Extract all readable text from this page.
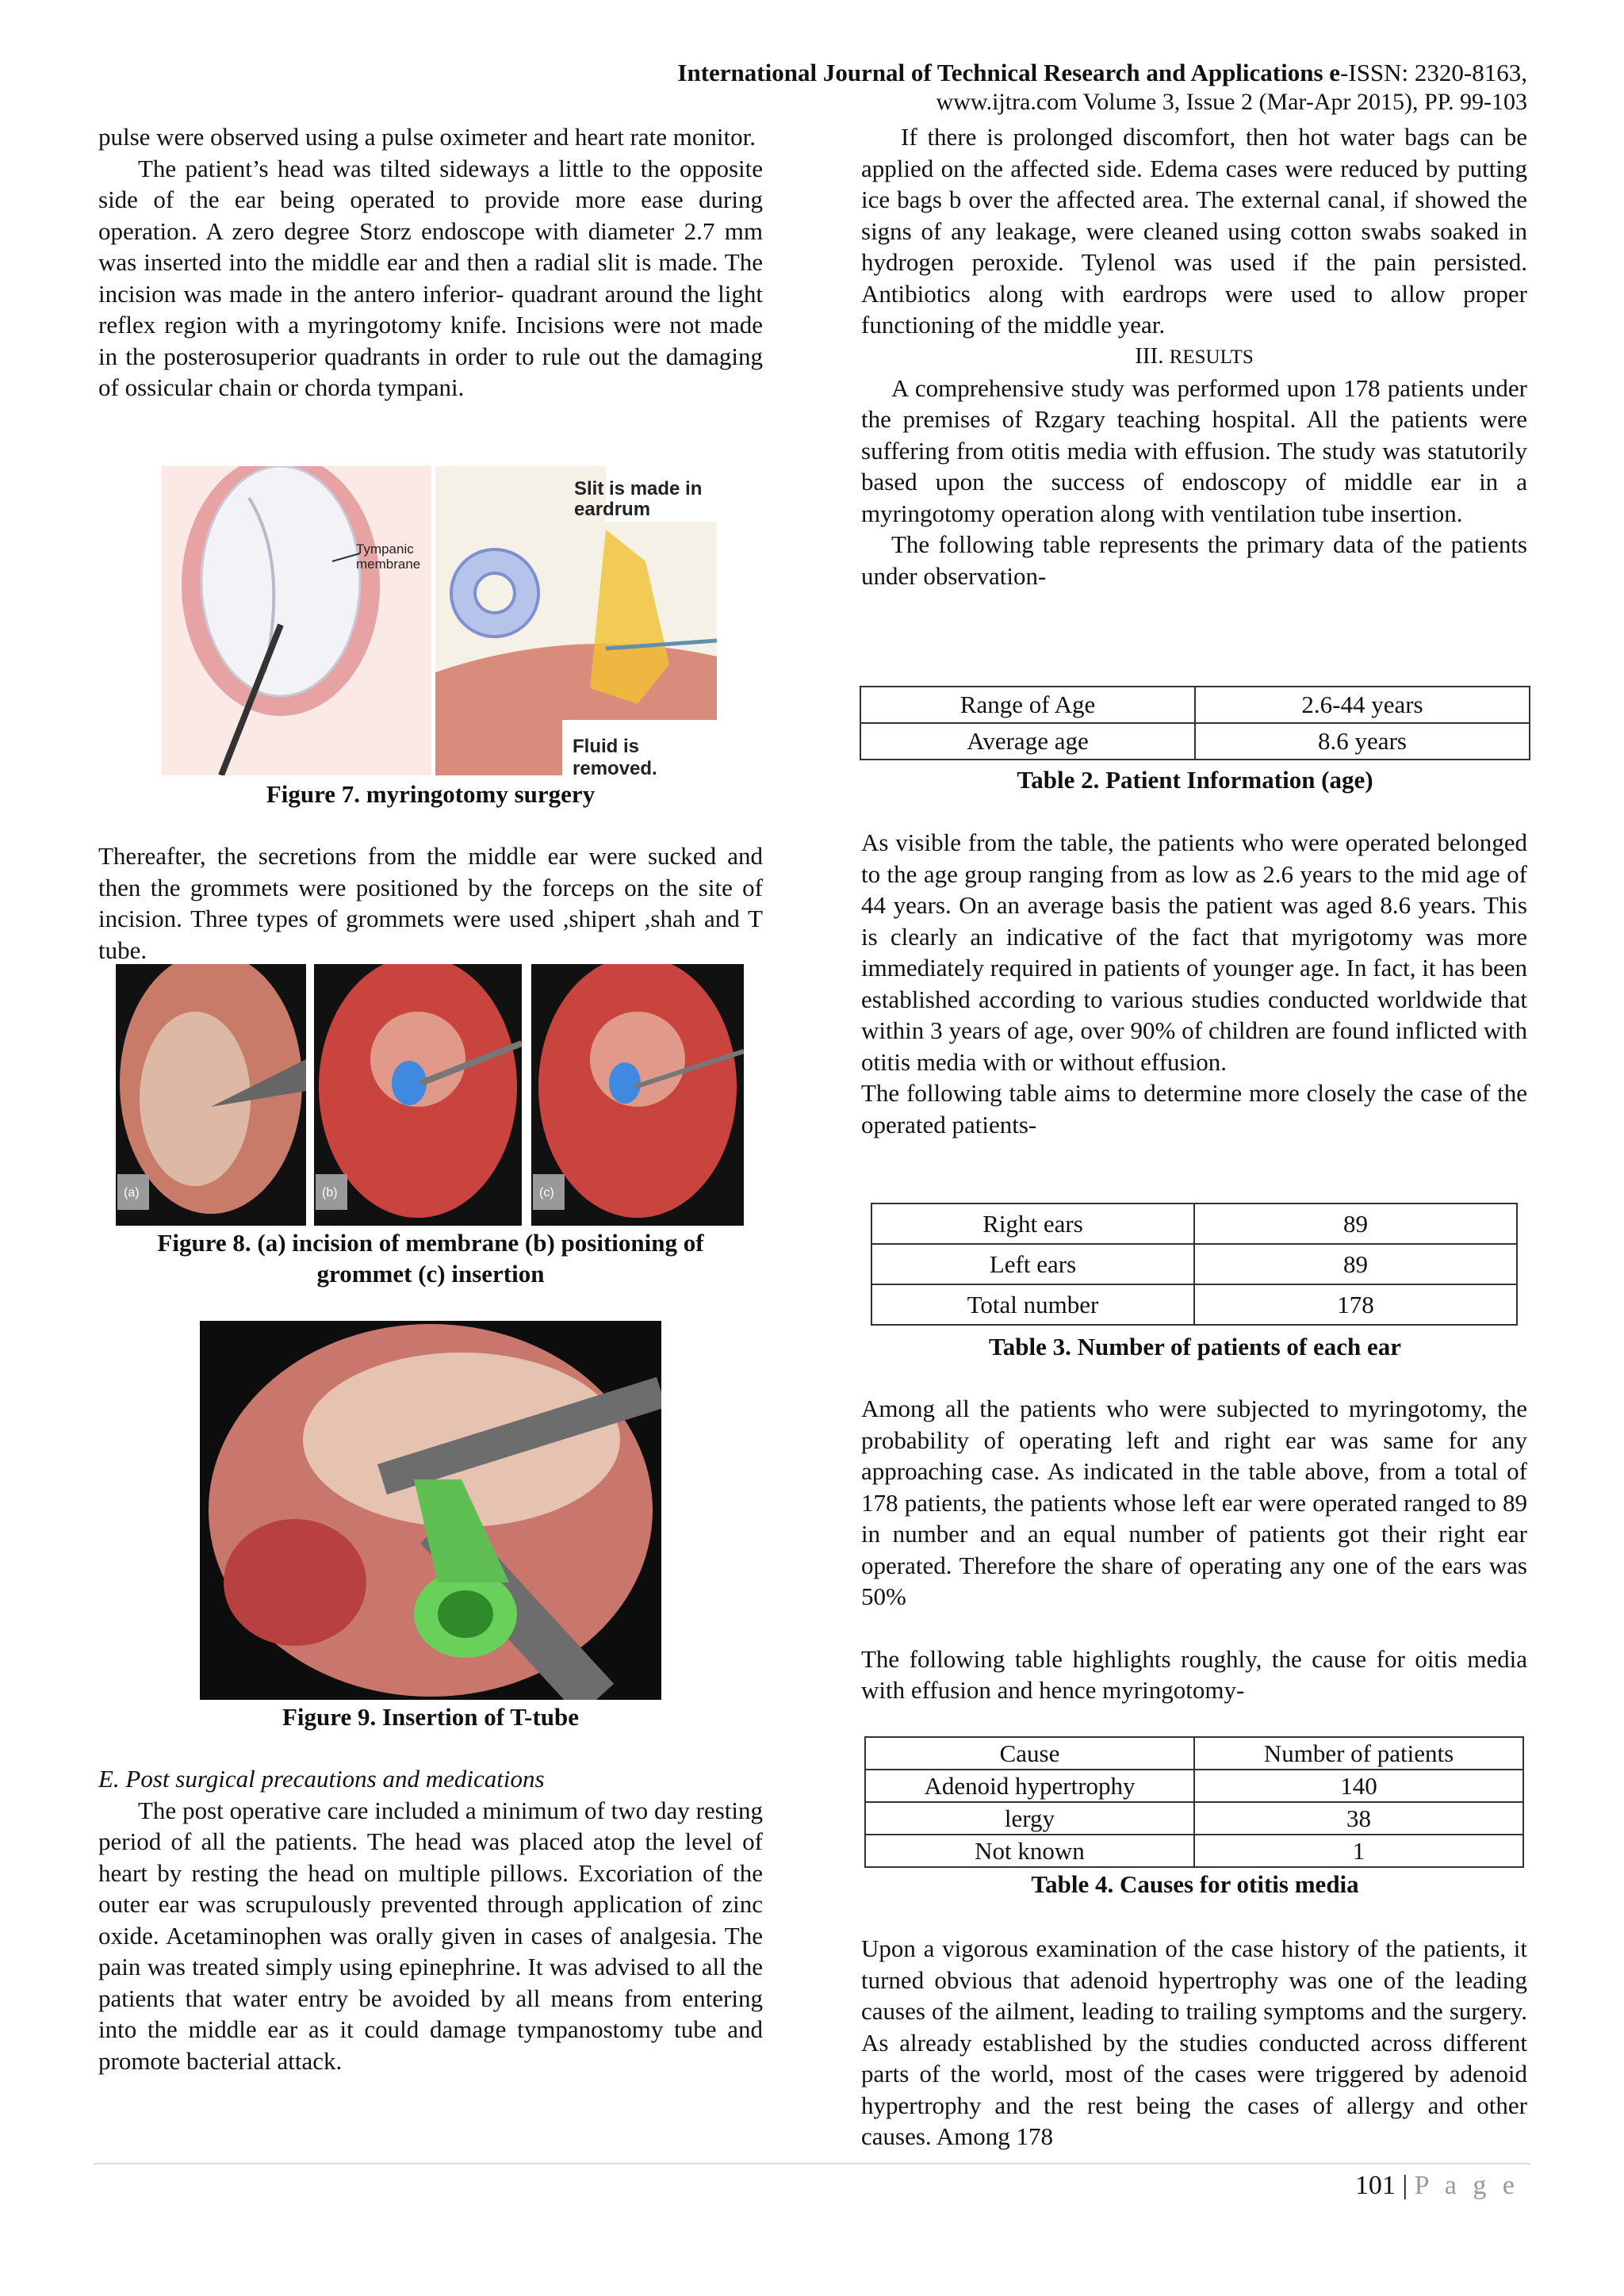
International Journal of Technical Research and Applications e-ISSN: 2320-8163,
www.ijtra.com Volume 3, Issue 2 (Mar-Apr 2015), PP. 99-103

pulse were observed using a pulse oximeter and heart rate monitor.

The patient’s head was tilted sideways a little to the opposite side of the ear being operated to provide more ease during operation. A zero degree Storz endoscope with diameter 2.7 mm was inserted into the middle ear and then a radial slit is made. The incision was made in the antero inferior- quadrant around the light reflex region with a myringotomy knife. Incisions were not made in the posterosuperior quadrants in order to rule out the damaging of ossicular chain or chorda tympani.

Tympanic membrane
Slit is made in eardrum
Fluid is removed.
Figure 7. myringotomy surgery

Thereafter, the secretions from the middle ear were sucked and then the grommets were positioned by the forceps on the site of incision. Three types of grommets were used ,shipert ,shah and T tube.

(a)	(b)	(c)
Figure 8. (a) incision of membrane (b) positioning of
grommet (c) insertion
Figure 9. Insertion of T-tube

E. Post surgical precautions and medications

The post operative care included a minimum of two day resting period of all the patients. The head was placed atop the level of heart by resting the head on multiple pillows. Excoriation of the outer ear was scrupulously prevented through application of zinc oxide. Acetaminophen was orally given in cases of analgesia. The pain was treated simply using epinephrine. It was advised to all the patients that water entry be avoided by all means from entering into the middle ear as it could damage tympanostomy tube and promote bacterial attack.

If there is prolonged discomfort, then hot water bags can be applied on the affected side. Edema cases were reduced by putting ice bags b over the affected area. The external canal, if showed the signs of any leakage, were cleaned using cotton swabs soaked in hydrogen peroxide. Tylenol was used if the pain persisted. Antibiotics along with eardrops were used to allow proper functioning of the middle year.

III. RESULTS

A comprehensive study was performed upon 178 patients under the premises of Rzgary teaching hospital. All the patients were suffering from otitis media with effusion. The study was statutorily based upon the success of endoscopy of middle ear in a myringotomy operation along with ventilation tube insertion.

The following table represents the primary data of the patients under observation-

Range of Age	2.6-44 years
Average age	8.6 years
Table 2. Patient Information (age)

As visible from the table, the patients who were operated belonged to the age group ranging from as low as 2.6 years to the mid age of 44 years. On an average basis the patient was aged 8.6 years. This is clearly an indicative of the fact that myrigotomy was more immediately required in patients of younger age. In fact, it has been established according to various studies conducted worldwide that within 3 years of age, over 90% of children are found inflicted with otitis media with or without effusion.

The following table aims to determine more closely the case of the operated patients-

Right ears	89
Left ears	89
Total number	178
Table 3. Number of patients of each ear

Among all the patients who were subjected to myringotomy, the probability of operating left and right ear was same for any approaching case. As indicated in the table above, from a total of 178 patients, the patients whose left ear were operated ranged to 89 in number and an equal number of patients got their right ear operated. Therefore the share of operating any one of the ears was 50%

The following table highlights roughly, the cause for oitis media with effusion and hence myringotomy-

Cause	Number of patients
Adenoid hypertrophy	140
lergy	38
Not known	1
Table 4. Causes for otitis media

Upon a vigorous examination of the case history of the patients, it turned obvious that adenoid hypertrophy was one of the leading causes of the ailment, leading to trailing symptoms and the surgery. As already established by the studies conducted across different parts of the world, most of the cases were triggered by adenoid hypertrophy and the rest being the cases of allergy and other causes. Among 178

101 | P a g e
